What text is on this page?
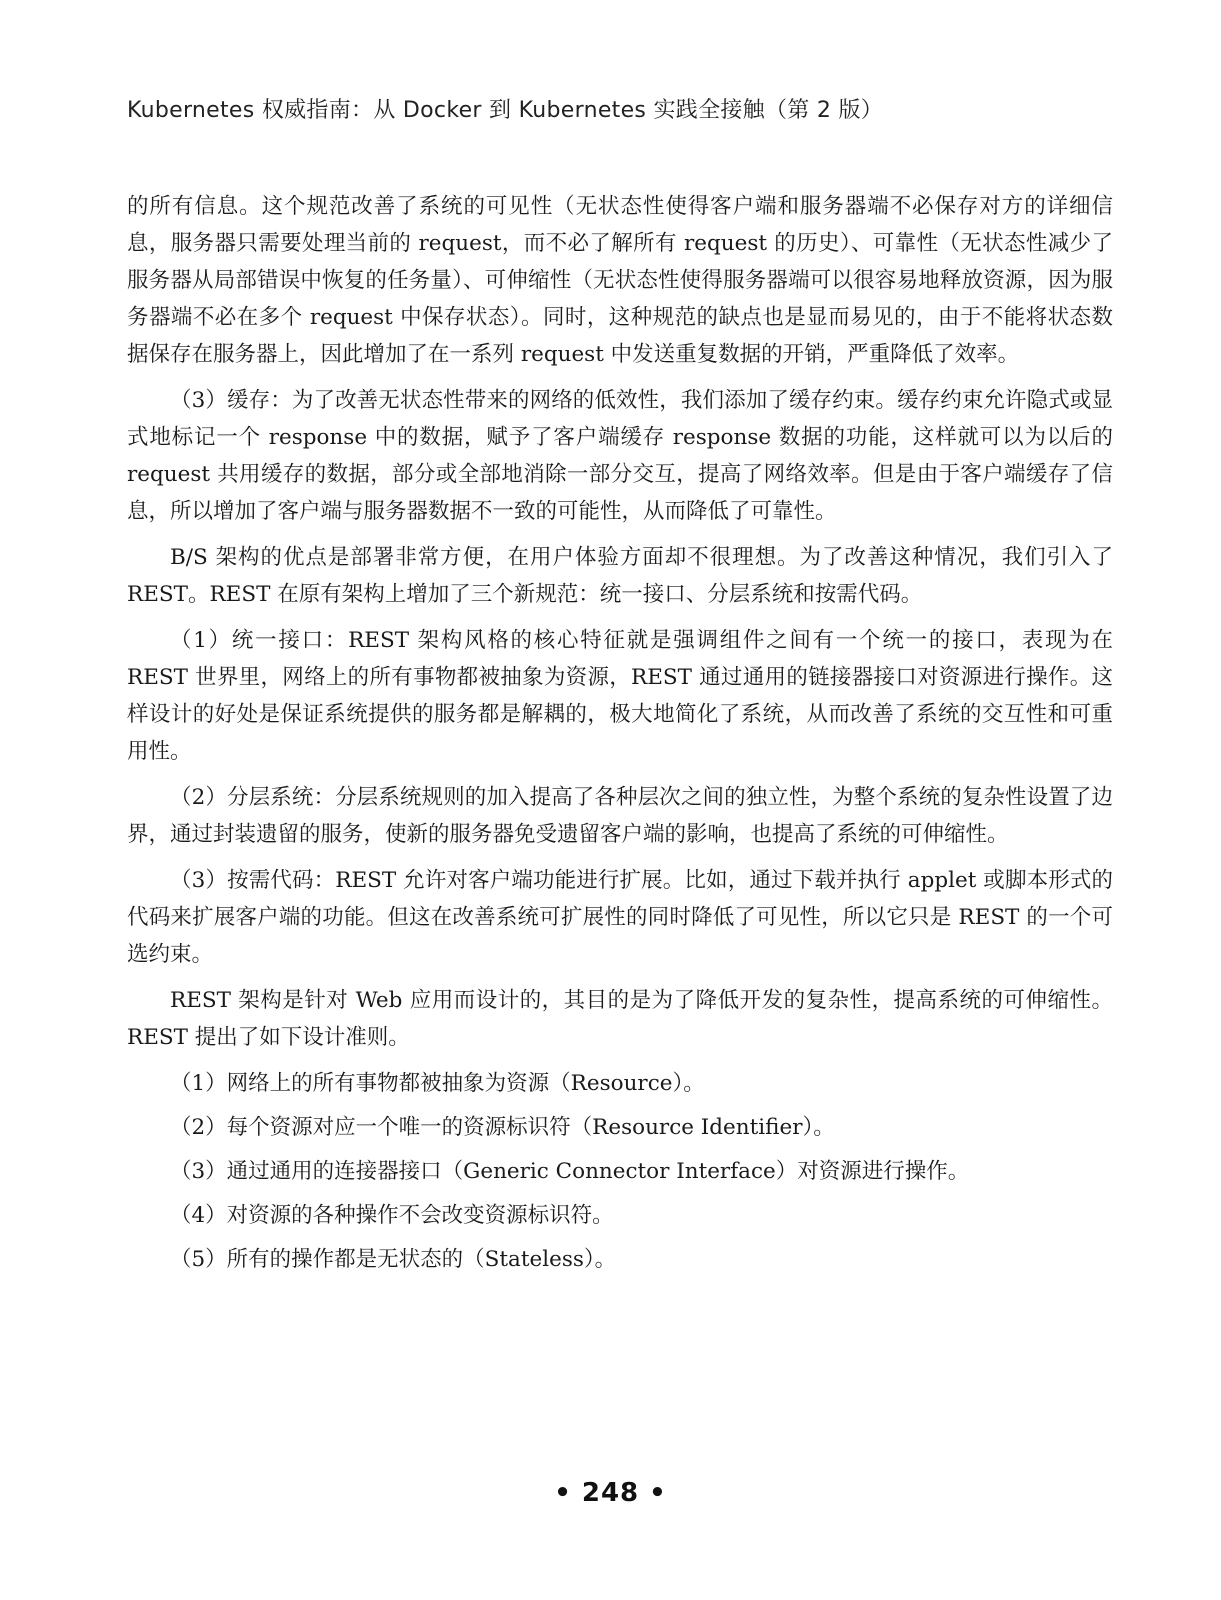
Kubernetes 权威指南：从 Docker 到 Kubernetes 实践全接触（第 2 版）

的所有信息。这个规范改善了系统的可见性（无状态性使得客户端和服务器端不必保存对方的详细信息，服务器只需要处理当前的 request，而不必了解所有 request 的历史）、可靠性（无状态性减少了服务器从局部错误中恢复的任务量）、可伸缩性（无状态性使得服务器端可以很容易地释放资源，因为服务器端不必在多个 request 中保存状态）。同时，这种规范的缺点也是显而易见的，由于不能将状态数据保存在服务器上，因此增加了在一系列 request 中发送重复数据的开销，严重降低了效率。

（3）缓存：为了改善无状态性带来的网络的低效性，我们添加了缓存约束。缓存约束允许隐式或显式地标记一个 response 中的数据，赋予了客户端缓存 response 数据的功能，这样就可以为以后的 request 共用缓存的数据，部分或全部地消除一部分交互，提高了网络效率。但是由于客户端缓存了信息，所以增加了客户端与服务器数据不一致的可能性，从而降低了可靠性。

B/S 架构的优点是部署非常方便，在用户体验方面却不很理想。为了改善这种情况，我们引入了 REST。REST 在原有架构上增加了三个新规范：统一接口、分层系统和按需代码。

（1）统一接口：REST 架构风格的核心特征就是强调组件之间有一个统一的接口，表现为在 REST 世界里，网络上的所有事物都被抽象为资源，REST 通过通用的链接器接口对资源进行操作。这样设计的好处是保证系统提供的服务都是解耦的，极大地简化了系统，从而改善了系统的交互性和可重用性。

（2）分层系统：分层系统规则的加入提高了各种层次之间的独立性，为整个系统的复杂性设置了边界，通过封装遗留的服务，使新的服务器免受遗留客户端的影响，也提高了系统的可伸缩性。

（3）按需代码：REST 允许对客户端功能进行扩展。比如，通过下载并执行 applet 或脚本形式的代码来扩展客户端的功能。但这在改善系统可扩展性的同时降低了可见性，所以它只是 REST 的一个可选约束。

REST 架构是针对 Web 应用而设计的，其目的是为了降低开发的复杂性，提高系统的可伸缩性。REST 提出了如下设计准则。

（1）网络上的所有事物都被抽象为资源（Resource）。

（2）每个资源对应一个唯一的资源标识符（Resource Identifier）。

（3）通过通用的连接器接口（Generic Connector Interface）对资源进行操作。

（4）对资源的各种操作不会改变资源标识符。

（5）所有的操作都是无状态的（Stateless）。

• 248 •
